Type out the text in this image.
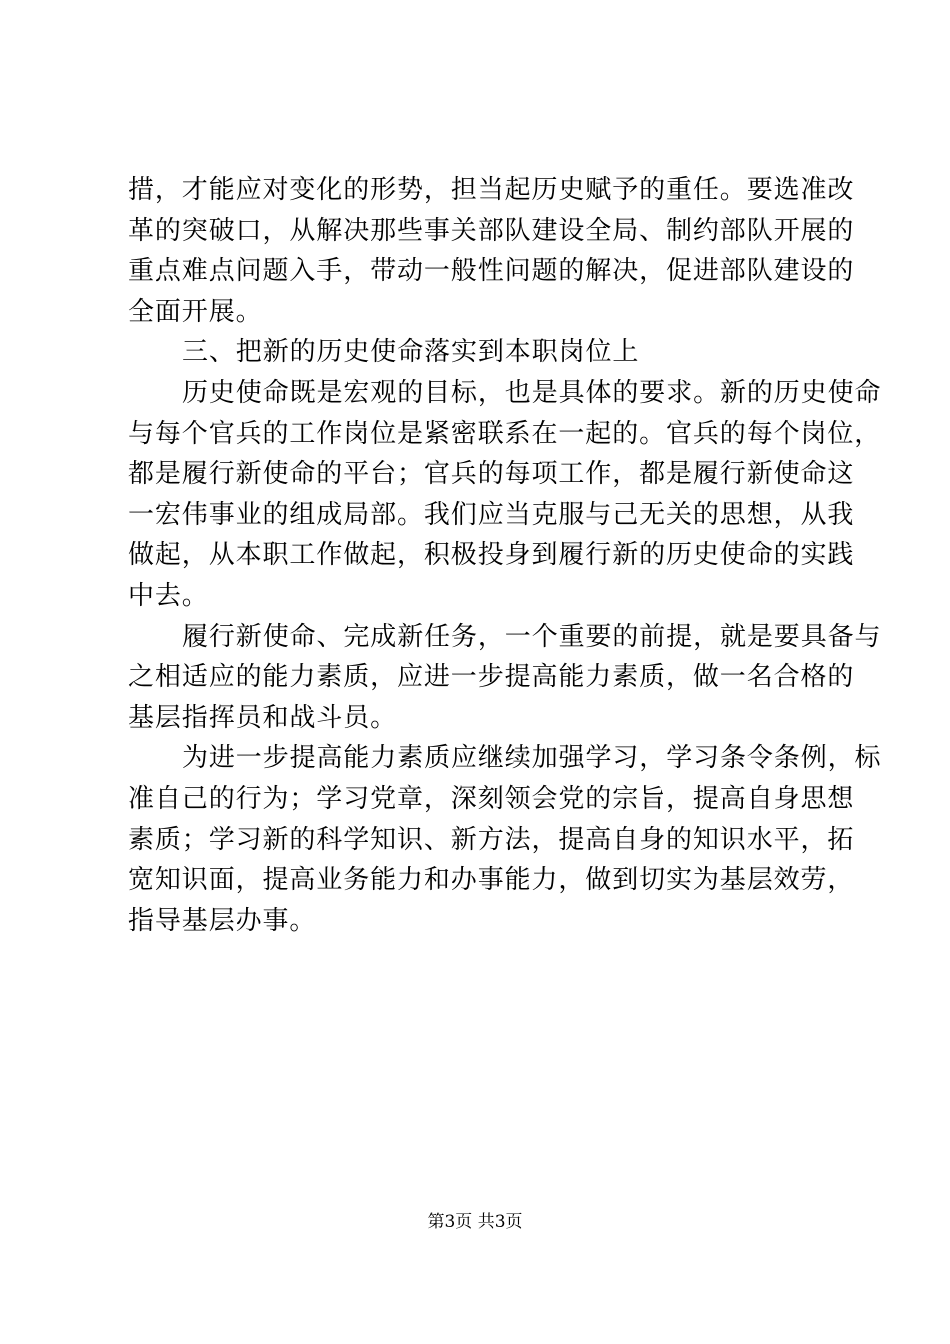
措，才能应对变化的形势，担当起历史赋予的重任。要选准改
革的突破口，从解决那些事关部队建设全局、制约部队开展的
重点难点问题入手，带动一般性问题的解决，促进部队建设的
全面开展。
三、把新的历史使命落实到本职岗位上
历史使命既是宏观的目标，也是具体的要求。新的历史使命
与每个官兵的工作岗位是紧密联系在一起的。官兵的每个岗位，
都是履行新使命的平台；官兵的每项工作，都是履行新使命这
一宏伟事业的组成局部。我们应当克服与己无关的思想，从我
做起，从本职工作做起，积极投身到履行新的历史使命的实践
中去。
履行新使命、完成新任务，一个重要的前提，就是要具备与
之相适应的能力素质，应进一步提高能力素质，做一名合格的
基层指挥员和战斗员。
为进一步提高能力素质应继续加强学习，学习条令条例，标
准自己的行为；学习党章，深刻领会党的宗旨，提高自身思想
素质；学习新的科学知识、新方法，提高自身的知识水平，拓
宽知识面，提高业务能力和办事能力，做到切实为基层效劳，
指导基层办事。
第3页 共3页
